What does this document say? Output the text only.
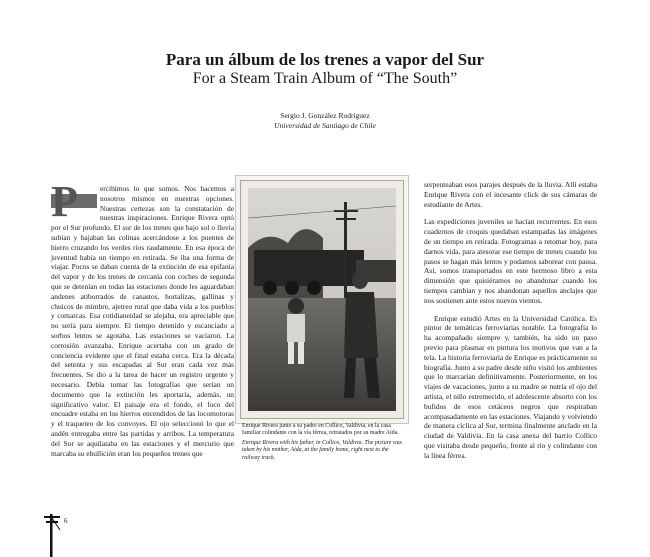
Para un álbum de los trenes a vapor del Sur
For a Steam Train Album of “The South”
Sergio J. González Rodríguez
Universidad de Santiago de Chile

P	ercibimos lo que somos. Nos hacemos a nosotros mismos en nuestras opciones. Nuestras certezas son la constatación de nuestras inspiraciones. Enrique Rivera optó por el Sur profundo. El sur de los trenes que bajo sol o lluvia subían y bajaban las colinas acercándose a los puentes de hierro cruzando los verdes ríos raudamente. En esa época de juventud había un tiempo en retirada. Se iba una forma de viajar. Pocos se daban cuenta de la extinción de esa epifanía del vapor y de los trenes de cercanía con coches de segunda que se detenían en todas las estaciones donde les aguardaban andenes atiborrados de canastos, hortalizas, gallinas y chuicos de mimbre, ajetreo rural que daba vida a los pueblos y comarcas. Esa cotidianeidad se alejaba, era apreciable que no sería para siempre. El tiempo detenido y escanciado a sorbos lentos se agotaba. Las estaciones se vaciaron. La corrosión avanzaba. Enrique acertaba con un grado de conciencia evidente que el final estaba cerca. Era la década del setenta y sus escapadas al Sur eran cada vez más frecuentes. Se dio a la tarea de hacer un registro urgente y necesario. Debía tomar las fotografías que serían un documento que la extinción les aportaría, además, un significativo valor. El paisaje era el fondo, el foco del encuadre estaba en los hierros encendidos de las locomotoras y el traqueteo de los convoyes. El ojo seleccionó lo que el andén entregaba entre las partidas y arribos. La temperatura del Sur se aquilataba en las estaciones y el mercurio que marcaba su ebullición eran los pequeños trenes que

Enrique Rivera junto a su padre en Collico, Valdivia, en la casa familiar colindante con la vía férrea, retratados por su madre Aída.
Enrique Rivera with his father, in Collico, Valdivia. The picture was taken by his mother, Aída, at the family home, right next to the railway track.

serpenteaban esos parajes después de la lluvia. Allí estaba Enrique Rivera con el incesante click de sus cámaras de estudiante de Artes.

Las expediciones juveniles se hacían recurrentes. En esos cuadernos de croquis quedaban estampadas las imágenes de un tiempo en retirada. Fotogramas a retomar hoy, para darnos vida, para atesorar ese tiempo de trenes cuando los pasos se hagan más lentos y podamos saborear con pausa. Así, somos transportados en este hermoso libro a esta dimensión que quisiéramos no abandonar cuando los tiempos cambian y nos abandonan aquellos anclajes que nos sostienen ante estos nuevos vientos.

Enrique estudió Artes en la Universidad Católica. Es pintor de temáticas ferroviarias notable. La fotografía lo ha acompañado siempre y, también, ha sido un paso previo para plasmar en pintura los motivos que van a la tela. La historia ferroviaria de Enrique es prácticamente su biografía. Junto a su padre desde niño visitó los ambientes que lo marcarían definitivamente. Posteriormente, en los viajes de vacaciones, junto a su madre se nutría el ojo del artista, el niño estremecido, el adolescente absorto con los bufidos de esos cetáceos negros que respiraban acompasadamente en las estaciones. Viajando y volviendo de manera cíclica al Sur, termina finalmente anclado en la ciudad de Valdivia. En la casa anexa del barrio Collico que visitaba desde pequeño, frente al río y colindante con la línea férrea.

6
